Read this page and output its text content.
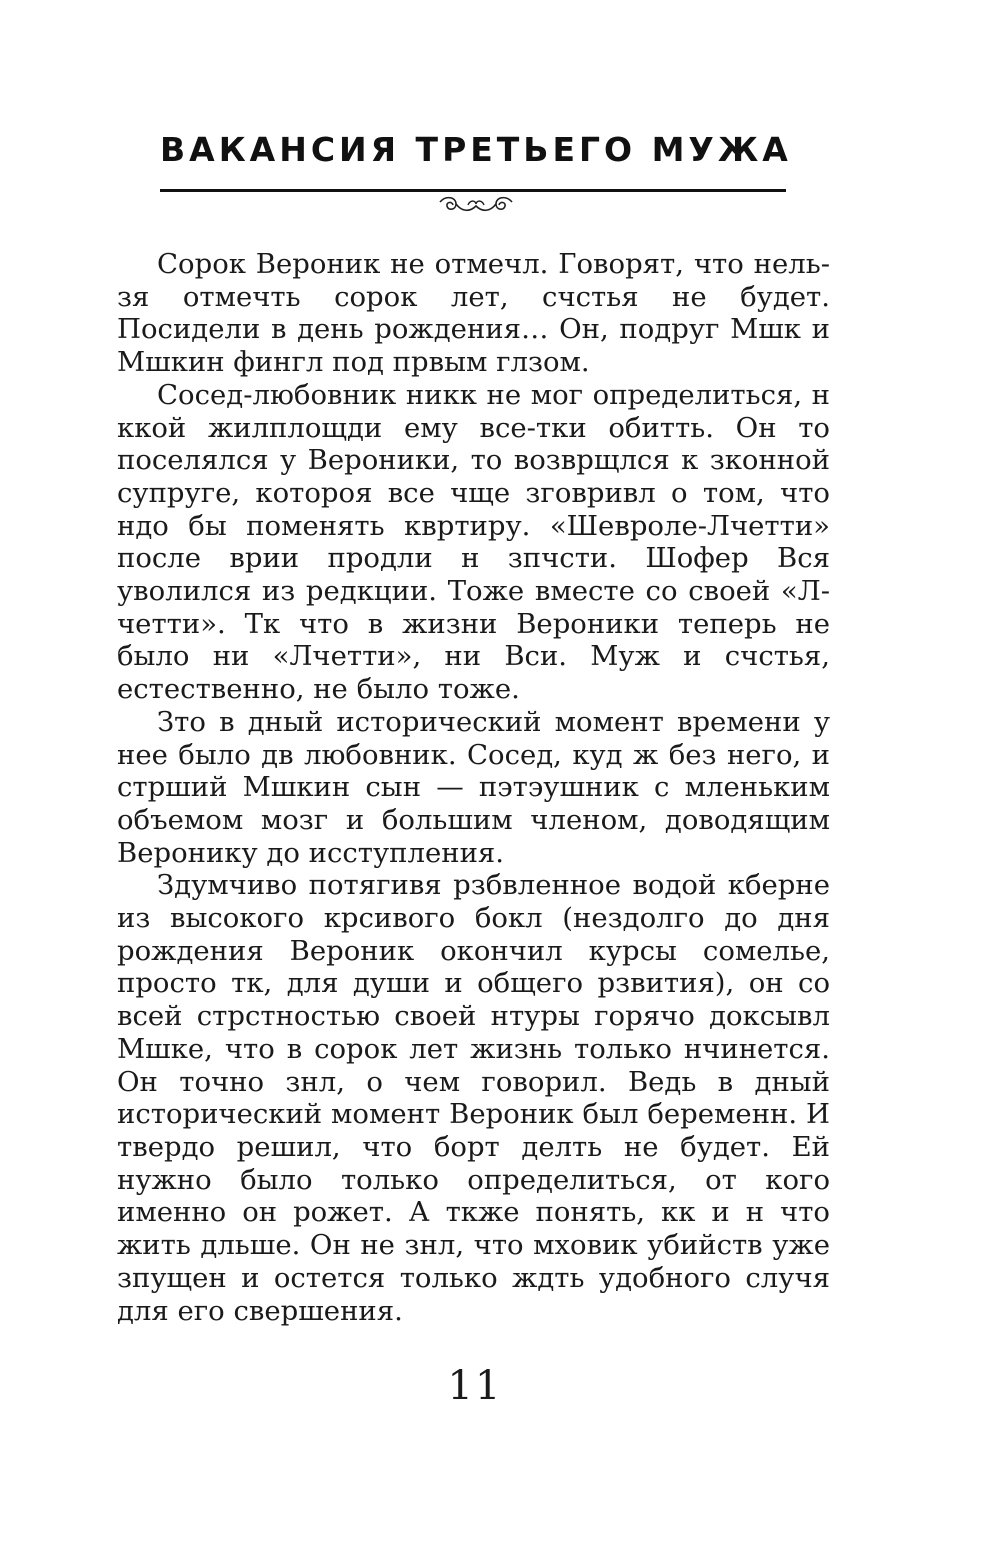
ВАКАНСИЯ ТРЕТЬЕГО МУЖА

Сорок Вероник не отмечл. Говорят, что нельзя отмечть сорок лет, счстья не будет. Посидели в день рождения… Он, подруг Мшк и Мшкин фингл под првым глзом.

Сосед-любовник никк не мог определиться, н ккой жилплощди ему все-тки обитть. Он то поселялся у Вероники, то возврщлся к зконной супруге, котороя все чще зговривл о том, что ндо бы поменять квртиру. «Шевроле-Лчетти» после врии продли н зпчсти. Шофер Вся уволился из редкции. Тоже вместе со своей «Лчетти». Тк что в жизни Вероники теперь не было ни «Лчетти», ни Вси. Муж и счстья, естественно, не было тоже.

Зто в дный исторический момент времени у нее было дв любовник. Сосед, куд ж без него, и стрший Мшкин сын — пэтэушник с мленьким объемом мозг и большим членом, доводящим Веронику до исступления.

Здумчиво потягивя рзбвленное водой кберне из высокого крсивого бокл (нездолго до дня рождения Вероник окончил курсы сомелье, просто тк, для души и общего рзвития), он со всей стрстностью своей нтуры горячо доксывл Мшке, что в сорок лет жизнь только нчинется. Он точно знл, о чем говорил. Ведь в дный исторический момент Вероник был беременн. И твердо решил, что борт делть не будет. Ей нужно было только определиться, от кого именно он рожет. А ткже понять, кк и н что жить дльше. Он не знл, что мховик убийств уже зпущен и остется только ждть удобного случя для его свершения.

11
